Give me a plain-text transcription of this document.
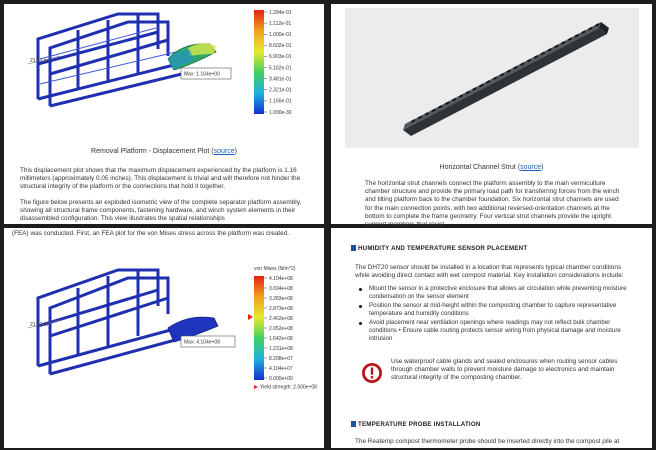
21.21 in
Max: 1.164e+00
1.284e-01
1.112e-01
1.000e-01
8.602e-01
6.903e-01
5.162e-01
3.481e-01
2.321e-01
1.165e-01
1.000e-30
Removal Platform - Displacement Plot (source)
This displacement plot shows that the maximum displacement experienced by the platform is 1.16 millimeters (approximately 0.05 inches). This displacement is trivial and will therefore not hinder the structural integrity of the platform or the connections that hold it together.
The figure below presents an exploded isometric view of the complete separator platform assembly, showing all structural frame components, fastening hardware, and winch system elements in their disassembled configuration. This view illustrates the spatial relationships
Horizontal Channel Strut (source)
The horizontal strut channels connect the platform assembly to the main vermiculture chamber structure and provide the primary load path for transferring forces from the winch and tilting platform back to the chamber foundation. Six horizontal strut channels are used for the main connection points, with two additional reversed-orientation channels at the bottom to complete the frame geometry. Four vertical strut channels provide the upright support members that resist
(FEA) was conducted. First, an FEA plot for the von Mises stress across the platform was created.
21.21 in
Max: 4.104e+08
von Mises (N/m^2)
4.104e+08
3.694e+08
3.283e+08
2.873e+08
2.462e+08
2.052e+08
1.642e+08
1.231e+08
8.208e+07
4.104e+07
0.000e+00
Yield strength: 2.500e+08
HUMIDITY AND TEMPERATURE SENSOR PLACEMENT
The DHT20 sensor should be installed in a location that represents typical chamber conditions while avoiding direct contact with wet compost material. Key installation considerations include:
Mount the sensor in a protective enclosure that allows air circulation while preventing moisture condensation on the sensor element
Position the sensor at mid-height within the composting chamber to capture representative temperature and humidity conditions
Avoid placement near ventilation openings where readings may not reflect bulk chamber conditions • Ensure cable routing protects sensor wiring from physical damage and moisture intrusion
Use waterproof cable glands and sealed enclosures when routing sensor cables through chamber walls to prevent moisture damage to electronics and maintain structural integrity of the composting chamber.
TEMPERATURE PROBE INSTALLATION
The Reatemp compost thermometer probe should be inserted directly into the compost pile at
